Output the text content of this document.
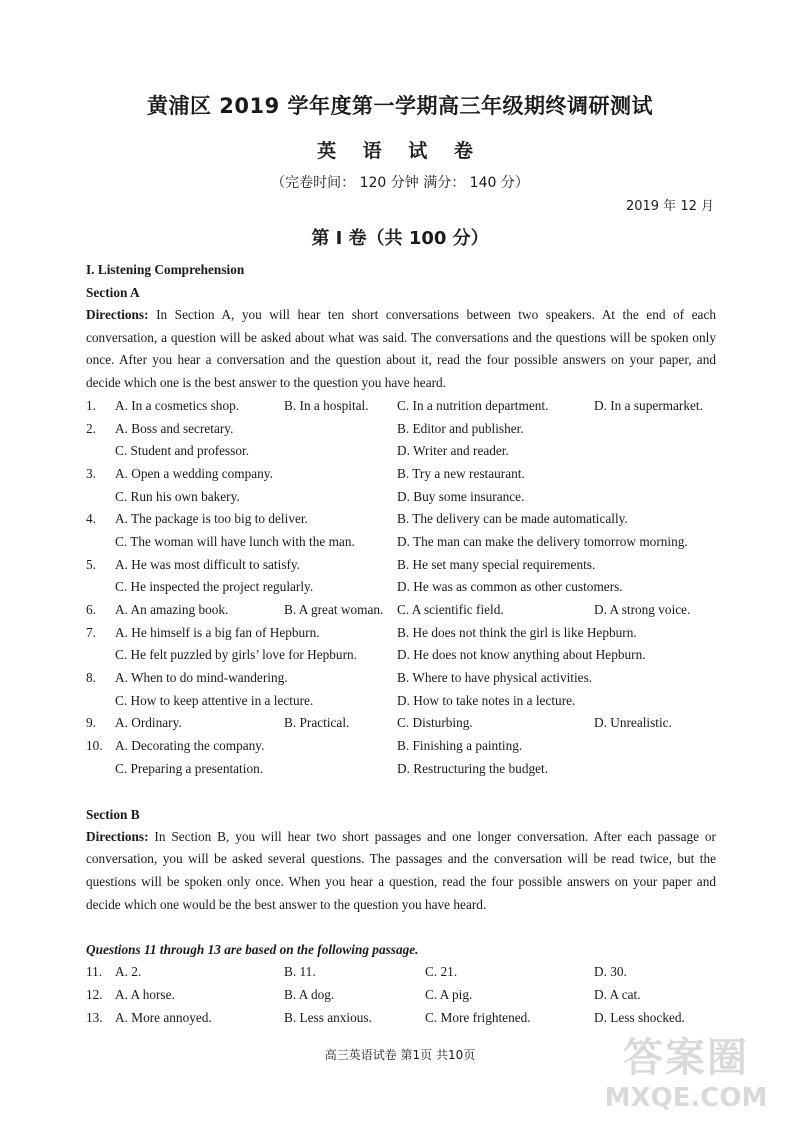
黄浦区 2019 学年度第一学期高三年级期终调研测试
英 语 试 卷
（完卷时间： 120 分钟 满分： 140 分）
2019 年 12 月
第 I 卷（共 100 分）
I. Listening Comprehension
Section A
Directions: In Section A, you will hear ten short conversations between two speakers. At the end of each conversation, a question will be asked about what was said. The conversations and the questions will be spoken only once. After you hear a conversation and the question about it, read the four possible answers on your paper, and decide which one is the best answer to the question you have heard.
1. A. In a cosmetics shop.	B. In a hospital. C. In a nutrition department.	D. In a supermarket.
2. A. Boss and secretary.	B. Editor and publisher.
C. Student and professor.	D. Writer and reader.
3. A. Open a wedding company.	B. Try a new restaurant.
C. Run his own bakery.	D. Buy some insurance.
4. A. The package is too big to deliver.	B. The delivery can be made automatically.
C. The woman will have lunch with the man.	D. The man can make the delivery tomorrow morning.
5. A. He was most difficult to satisfy.	B. He set many special requirements.
C. He inspected the project regularly.	D. He was as common as other customers.
6. A. An amazing book.	B. A great woman. C. A scientific field.	D. A strong voice.
7. A. He himself is a big fan of Hepburn.	B. He does not think the girl is like Hepburn.
C. He felt puzzled by girls’ love for Hepburn.	D. He does not know anything about Hepburn.
8. A. When to do mind-wandering.	B. Where to have physical activities.
C. How to keep attentive in a lecture.	D. How to take notes in a lecture.
9. A. Ordinary.	B. Practical.	C. Disturbing.	D. Unrealistic.
10. A. Decorating the company.	B. Finishing a painting.
C. Preparing a presentation.	D. Restructuring the budget.
Section B
Directions: In Section B, you will hear two short passages and one longer conversation. After each passage or conversation, you will be asked several questions. The passages and the conversation will be read twice, but the questions will be spoken only once. When you hear a question, read the four possible answers on your paper and decide which one would be the best answer to the question you have heard.
Questions 11 through 13 are based on the following passage.
11. A. 2.	B. 11.	C. 21.	D. 30.
12. A. A horse.	B. A dog.	C. A pig.	D. A cat.
13. A. More annoyed.	B. Less anxious.	C. More frightened.	D. Less shocked.
高三英语试卷 第1页 共10页	答案圈
MXQE.COM
